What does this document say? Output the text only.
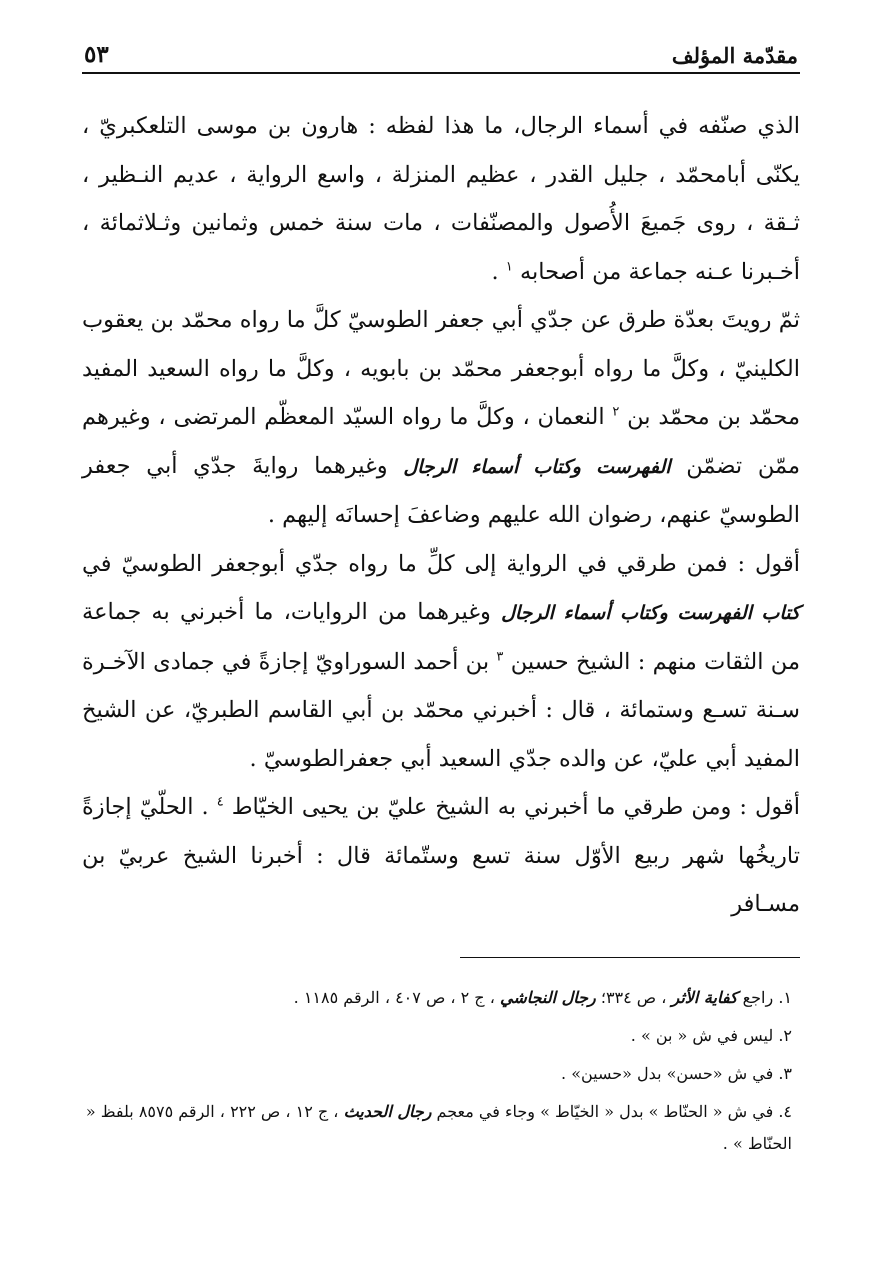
مقدّمة المؤلف
٥٣

الذي صنّفه في أسماء الرجال، ما هذا لفظه : هارون بن موسى التلعكبريّ ، يكنّى أبامحمّد ، جليل القدر ، عظيم المنزلة ، واسع الرواية ، عديم النـظير ، ثـقة ، روى جَميعَ الأُصول والمصنّفات ، مات سنة خمس وثمانين وثـلاثمائة ، أخـبرنا عـنه جماعة من أصحابه $^١$ .

ثمّ رويتَ بعدّة طرق عن جدّي أبي جعفر الطوسيّ كلَّ ما رواه محمّد بن يعقوب الكلينيّ ، وكلَّ ما رواه أبوجعفر محمّد بن بابويه ، وكلَّ ما رواه السعيد المفيد محمّد بن محمّد بن $^٢$ النعمان ، وكلَّ ما رواه السيّد المعظّم المرتضى ، وغيرهم ممّن تضمّن الفهرست وكتاب أسماء الرجال وغيرهما روايةَ جدّي أبي جعفر الطوسيّ عنهم، رضوان الله عليهم وضاعفَ إحسانَه إليهم .

أقول : فمن طرقي في الرواية إلى كلِّ ما رواه جدّي أبوجعفر الطوسيّ في كتاب الفهرست وكتاب أسماء الرجال وغيرهما من الروايات، ما أخبرني به جماعة من الثقات منهم : الشيخ حسين $^٣$ بن أحمد السوراويّ إجازةً في جمادى الآخـرة سـنة تسـع وستمائة ، قال : أخبرني محمّد بن أبي القاسم الطبريّ، عن الشيخ المفيد أبي عليّ، عن والده جدّي السعيد أبي جعفرالطوسيّ .

أقول : ومن طرقي ما أخبرني به الشيخ عليّ بن يحيى الخيّاط $^٤$ . الحلّيّ إجازةً تاريخُها شهر ربيع الأوّل سنة تسع وستّمائة قال : أخبرنا الشيخ عربيّ بن مسـافر

١. راجع كفاية الأثر ، ص ٣٣٤؛ رجال النجاشي ، ج ٢ ، ص ٤٠٧ ، الرقم ١١٨٥ .

٢. ليس في ش « بن » .

٣. في ش «حسن» بدل «حسين» .

٤. في ش « الحنّاط » بدل « الخيّاط » وجاء في معجم رجال الحديث ، ج ١٢ ، ص ٢٢٢ ، الرقم ٨٥٧٥ بلفظ « الحنّاط » .
